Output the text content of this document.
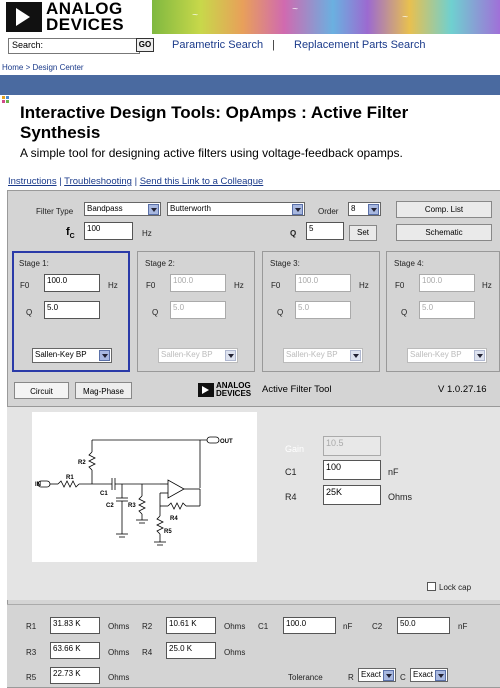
ANALOG
DEVICES	~
~
~
Search:	GO Parametric Search | Replacement Parts Search
Home > Design Center
Interactive Design Tools: OpAmps : Active Filter Synthesis
A simple tool for designing active filters using voltage-feedback opamps.
Instructions | Troubleshooting | Send this Link to a Colleague
Filter Type	Bandpass	Butterworth	Order	8	Comp. List
$f_C$
100
Hz	Q
5	Set	Schematic
Stage 1:
F0
100.0
Hz
Q
5.0
Sallen-Key BP
Stage 2:
F0
100.0
Hz
Q
5.0
Sallen-Key BP
Stage 3:
F0
100.0
Hz
Q
5.0
Sallen-Key BP
Stage 4:
F0
100.0
Hz
Q
5.0
Sallen-Key BP
Circuit	Mag-Phase
ANALOG
DEVICES Active Filter Tool	V 1.0.27.16
OUT
IN
R2
R1
C1
C2 R3
R4
R5
Gain
10.5
C1	100	nF
R4	25K	Ohms
Lock cap
R1	31.83 K	Ohms R2	10.61 K	Ohms C1	100.0	nF C2	50.0	nF
R3	63.66 K	Ohms R4	25.0 K	Ohms
R5	22.73 K	Ohms	Tolerance	R Exact	C Exact
